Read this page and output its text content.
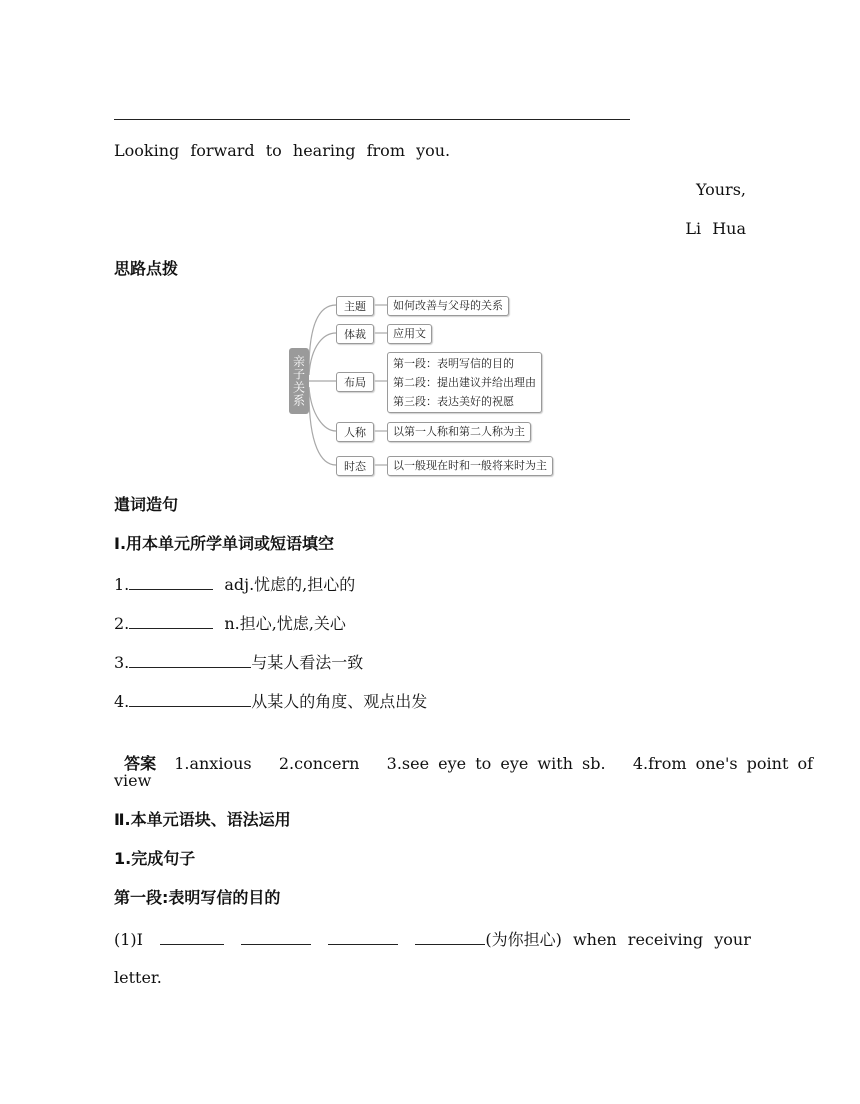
Looking forward to hearing from you.
Yours,
Li Hua
思路点拨
亲子关系
主题	如何改善与父母的关系
体裁	应用文
布局
第一段：表明写信的目的
第二段：提出建议并给出理由
第三段：表达美好的祝愿
人称	以第一人称和第二人称为主
时态	以一般现在时和一般将来时为主
遣词造句
Ⅰ.用本单元所学单词或短语填空
1.	adj.忧虑的,担心的
2.	n.担心,忧虑,关心
3.	与某人看法一致
4.	从某人的角度、观点出发

答案 1.anxious   2.concern   3.see eye to eye with sb.   4.from one's point of

view
Ⅱ.本单元语块、语法运用
1.完成句子
第一段:表明写信的目的
(1)I	(为你担心) when receiving your
letter.
